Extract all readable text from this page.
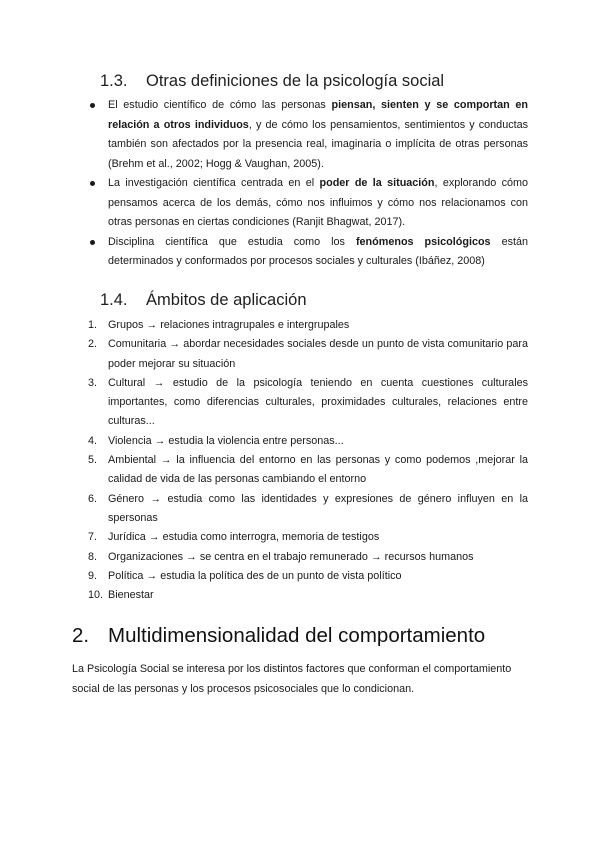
1.3. Otras definiciones de la psicología social
El estudio científico de cómo las personas piensan, sienten y se comportan en relación a otros individuos, y de cómo los pensamientos, sentimientos y conductas también son afectados por la presencia real, imaginaria o implícita de otras personas (Brehm et al., 2002; Hogg & Vaughan, 2005).
La investigación científica centrada en el poder de la situación, explorando cómo pensamos acerca de los demás, cómo nos influimos y cómo nos relacionamos con otras personas en ciertas condiciones (Ranjit Bhagwat, 2017).
Disciplina científica que estudia como los fenómenos psicológicos están determinados y conformados por procesos sociales y culturales (Ibáñez, 2008)
1.4. Ámbitos de aplicación
1. Grupos → relaciones intragrupales e intergrupales
2. Comunitaria → abordar necesidades sociales desde un punto de vista comunitario para poder mejorar su situación
3. Cultural → estudio de la psicología teniendo en cuenta cuestiones culturales importantes, como diferencias culturales, proximidades culturales, relaciones entre culturas...
4. Violencia → estudia la violencia entre personas...
5. Ambiental → la influencia del entorno en las personas y como podemos ,mejorar la calidad de vida de las personas cambiando el entorno
6. Género → estudia como las identidades y expresiones de género influyen en la spersonas
7. Jurídica → estudia como interrogra, memoria de testigos
8. Organizaciones → se centra en el trabajo remunerado → recursos humanos
9. Política → estudia la política des de un punto de vista político
10. Bienestar
2. Multidimensionalidad del comportamiento

La Psicología Social se interesa por los distintos factores que conforman el comportamiento social de las personas y los procesos psicosociales que lo condicionan.
